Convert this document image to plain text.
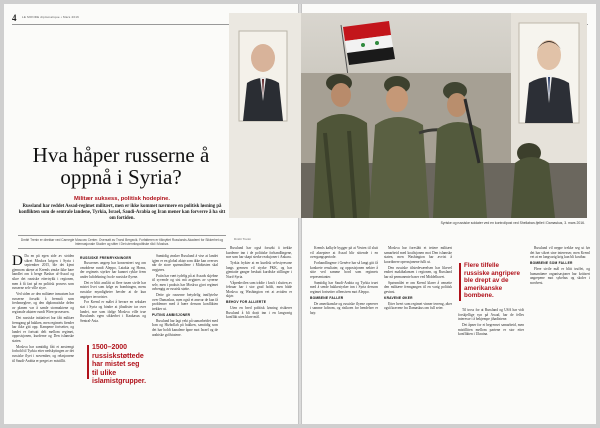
4 LE MONDE diplomatique • Mars 2016
Hva håper russerne å oppnå i Syria?
Militær suksess, politisk hodepine.
Russland har reddet Assad-regimet militært, men er ikke kommet nærmere en politisk løsning på konflikten som de sentrale landene, Tyrkia, Israel, Saudi-Arabia og Iran mener kan forverre å ha sitt om fortiden.
Dmitri Trenin er direktør ved Carnegie Moscow Center. Oversatt av Trond Bergsvik. Forfatteren er tilknyttet Russlands Akademi for Sikkerhet og Internasjonale Studier og sitter i Det utenrikspolitiske råd i Moskva.

D Da en på egen side av striden sikret Moskva krigen i Syria i september 2015, ble det kjent gjennom ukene at Kremls ønske ikke bare handlet om å berge Bashar al-Assad og sikre det russiske ettertrykk i regionen, men å få fart på en politisk prosess som russerne selv ville styre.

Ved siden av den militære innsatsen har russerne forsøkt å fremstå som fredsmeglere, og den diplomatiske delen av planen var å samle stormaktene og regionale aktører rundt Wien-prosessen.

Det russiske initiativet har fått militær fremgang på bakken, men regimets fiender har ikke gitt opp. Kampene fortsetter, og landet er fortsatt delt mellom regimet, opposisjonen, kurderne og Den islamske staten.

Moskva har samtidig fått et anstrengt forhold til Tyrkia etter nedskytingen av det russiske flyet i november, og relasjonene til Saudi-Arabia er preget av mistillit.

RUSSISKE FREMRYKNINGER

Russernes angrep har konsentrert seg om områdene rundt Aleppo, Latakia og Homs, der regimets styrker har kunnet rykke frem under luftdekning fra de russiske flyene.

Det er blitt anslått at flere tusen sivile har mistet livet som følge av bombingen, mens russiske myndigheter hevder at de kun angriper terrorister.

For Kreml er målet å bevare en sekulær stat i Syria og hindre at jihadister tar over landet, noe som ifølge Moskva ville true Russlands egen sikkerhet i Kaukasus og Sentral-Asia.

1500–2000 russiskstøttede har mistet seg til ulike islamistgrupper.

Samtidig ønsker Russland å vise at landet igjen er en global aktør som ikke kan overses når de store spørsmålene i Midtøsten skal avgjøres.

Putin har vært tydelig på at Assads skjebne til syvende og sist må avgjøres av syrerne selv, men i praksis har Moskva gjort regimet avhengig av russisk støtte.

Dette gir russerne betydelig innflytelse over Damaskus, men også et ansvar de kan få problemer med å bære dersom konflikten trekker ut.

PUTINS AMBISJONER

Russland har lagt vekt på samarbeidet med Iran og Hizbollah på bakken, samtidig som det har holdt kanalene åpne mot Israel og de arabiske golfstatene.

Dmitri Trenin

Russland har også forsøkt å trekke kurderne inn i de politiske forhandlingene, noe som har skapt sterke reaksjoner i Ankara.

Tyrkia frykter at en kurdisk selvstyresone langs grensen vil styrke PKK, og har gjentatte ganger beskutt kurdiske stillinger i Nord-Syria.

Våpenhvilen som trådte i kraft i slutten av februar har i stor grad holdt, men både Moskva og Washington vet at avtalen er skjør.

BEHOV FOR ALLIERTE

Uten en bred politisk løsning risikerer Russland å bli dratt inn i en langvarig konflikt uten klare mål.

Kremls kalkyle bygger på at Vesten til slutt vil akseptere at Assad blir sittende i en overgangsperiode.

Forhandlingene i Genève har så langt gitt få konkrete resultater, og opposisjonen nekter å sitte ved samme bord som regimets representanter.

Samtidig har Saudi-Arabia og Tyrkia truet med å sende bakkestyrker inn i Syria dersom regimet fortsetter offensiven mot Aleppo.

BOMBENE FALLER

De amerikanske og russiske flyene opererer i samme luftrom, og risikoen for hendelser er høy.

Moskva har foreslått et tettere militært samarbeid med koalisjonen mot Den islamske staten, men Washington har avvist å koordinere operasjonene fullt ut.

Den russiske tilstedeværelsen har likevel endret maktbalansen i regionen, og Russland har nå permanente baser ved Middelhavet.

Spørsmålet er om Kreml klarer å omsette den militære fremgangen til en varig politisk gevinst.

KRAVENE ØKER

Etter hvert som regimet vinner terreng, øker også kravene fra Damaskus om full seier.

Flere tilfelle russiske angripere ble drept av de amerikanske bombene.

Til tross for at Russland og USA har vidt forskjellige syn på Assad, har de felles interesse i å bekjempe jihadistene.

Det åpner for et begrenset samarbeid, men mistilliten mellom partene er stor etter konflikten i Ukraina.

Russland vil neppe trekke seg ut før det har sikret sine interesser, men Kreml vet at en langvarig krig kan bli kostbar.

BOMBENE SOM FALLER

Flere sivile mål er blitt truffet, og humanitære organisasjoner har kritisert angrepene mot sykehus og skoler i nordvest.

Syriske og russiske soldater ved en kontrollpost ved Shellaban-fjellet i Damaskus, 3. mars 2016.
